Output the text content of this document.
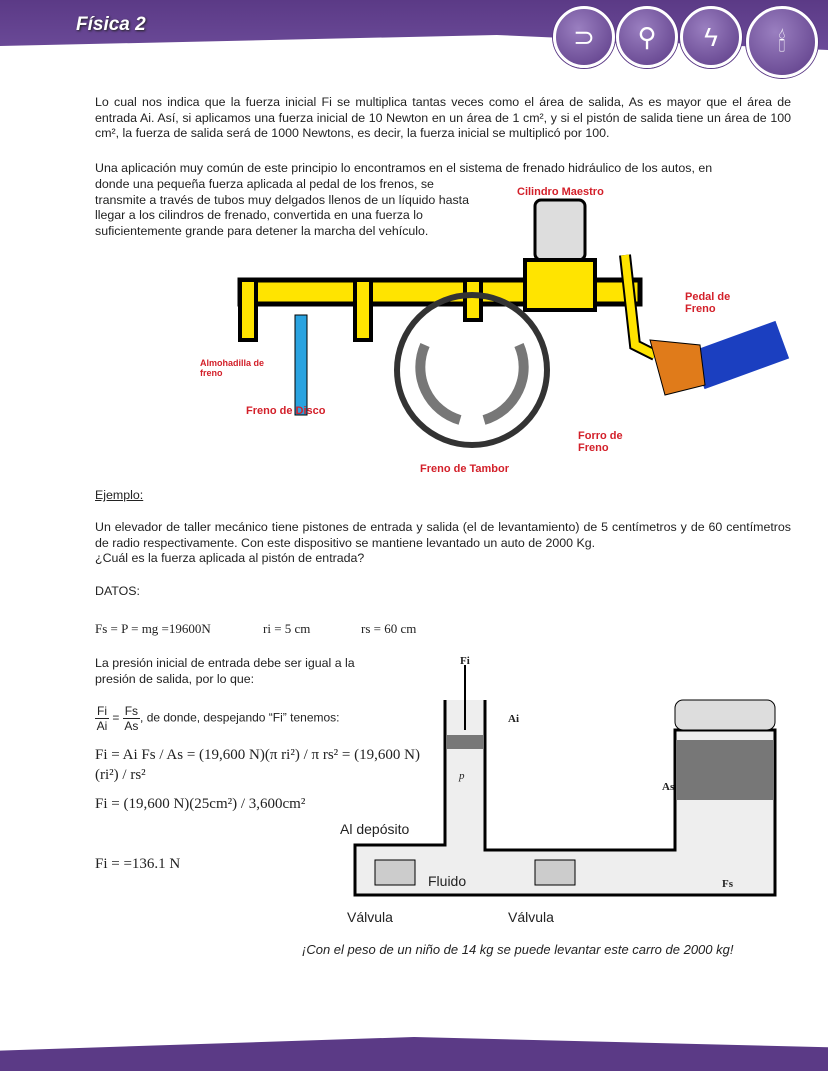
Física 2	⊃	⚲	ϟ	🕯
Lo cual nos indica que la fuerza inicial Fi se multiplica tantas veces como el área de salida, As es mayor que el área de entrada Ai. Así, si aplicamos una fuerza inicial de 10 Newton en un área de 1 cm², y si el pistón de salida tiene un área de 100 cm², la fuerza de salida será de 1000 Newtons, es decir, la fuerza inicial se multiplicó por 100.
Una aplicación muy común de este principio lo encontramos en el sistema de frenado hidráulico de los autos, en
donde una pequeña fuerza aplicada al pedal de los frenos, se transmite a través de tubos muy delgados llenos de un líquido hasta llegar a los cilindros de frenado, convertida en una fuerza lo suficientemente grande para detener la marcha del vehículo.
Cilindro Maestro
Pedal de Freno
Almohadilla de freno
Freno de Disco
Forro de Freno
Freno de Tambor
Ejemplo:
Un elevador de taller mecánico tiene pistones de entrada y salida (el de levantamiento) de 5 centímetros y de 60 centímetros de radio respectivamente. Con este dispositivo se mantiene levantado un auto de 2000 Kg.
¿Cuál es la fuerza aplicada al pistón de entrada?
DATOS:
Fs = P = mg =19600N	ri = 5 cm	rs = 60 cm
La presión inicial de entrada debe ser igual a la presión de salida, por lo que:
$\frac{Fi}{Ai} = \frac{Fs}{As}$ , de donde, despejando “Fi” tenemos:
Fi = Ai Fs / As = (19,600 N)(π ri²) / π rs² = (19,600 N)(ri²) / rs²
Fi = (19,600 N)(25cm²) / 3,600cm²
Fi = =136.1 N
Fi
Ai
As
p
Fs
Al depósito
Fluido
Válvula	Válvula
¡Con el peso de un niño de 14 kg se puede levantar este carro de 2000 kg!
